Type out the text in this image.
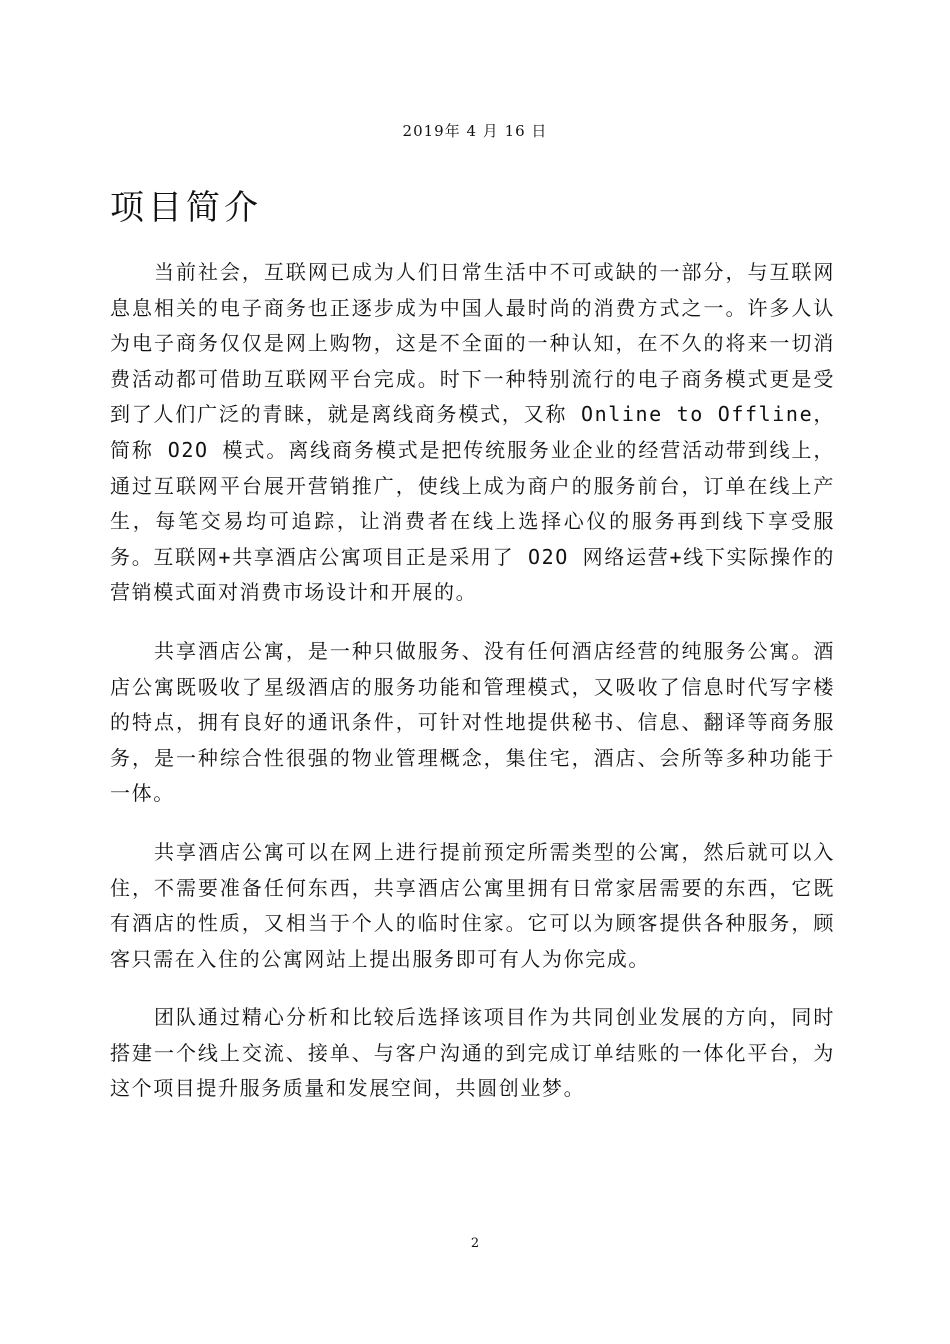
2019年 4 月 16 日
项目简介

当前社会，互联网已成为人们日常生活中不可或缺的一部分，与互联网息息相关的电子商务也正逐步成为中国人最时尚的消费方式之一。许多人认为电子商务仅仅是网上购物，这是不全面的一种认知，在不久的将来一切消费活动都可借助互联网平台完成。时下一种特别流行的电子商务模式更是受到了人们广泛的青睐，就是离线商务模式，又称 Online to Offline，简称 O2O 模式。离线商务模式是把传统服务业企业的经营活动带到线上，通过互联网平台展开营销推广，使线上成为商户的服务前台，订单在线上产生，每笔交易均可追踪，让消费者在线上选择心仪的服务再到线下享受服务。互联网+共享酒店公寓项目正是采用了 O2O 网络运营+线下实际操作的营销模式面对消费市场设计和开展的。

共享酒店公寓，是一种只做服务、没有任何酒店经营的纯服务公寓。酒店公寓既吸收了星级酒店的服务功能和管理模式，又吸收了信息时代写字楼的特点，拥有良好的通讯条件，可针对性地提供秘书、信息、翻译等商务服务，是一种综合性很强的物业管理概念，集住宅，酒店、会所等多种功能于一体。

共享酒店公寓可以在网上进行提前预定所需类型的公寓，然后就可以入住，不需要准备任何东西，共享酒店公寓里拥有日常家居需要的东西，它既有酒店的性质，又相当于个人的临时住家。它可以为顾客提供各种服务，顾客只需在入住的公寓网站上提出服务即可有人为你完成。

团队通过精心分析和比较后选择该项目作为共同创业发展的方向，同时搭建一个线上交流、接单、与客户沟通的到完成订单结账的一体化平台，为这个项目提升服务质量和发展空间，共圆创业梦。

2
